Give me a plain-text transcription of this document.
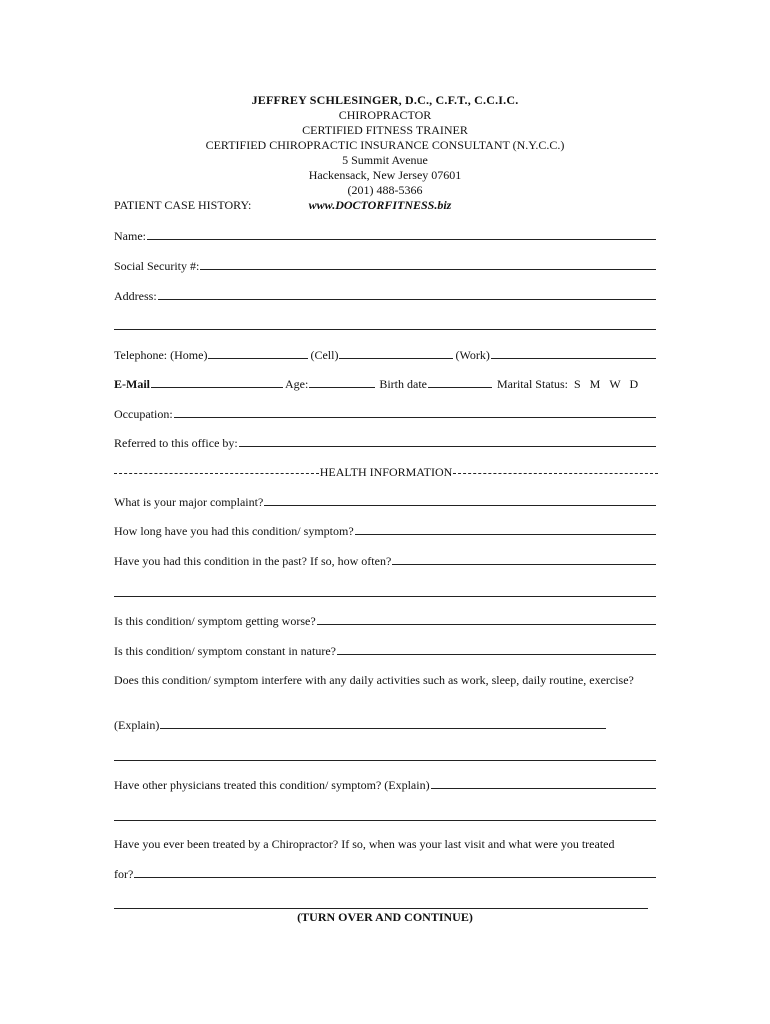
JEFFREY SCHLESINGER, D.C., C.F.T., C.C.I.C.
CHIROPRACTOR
CERTIFIED FITNESS TRAINER
CERTIFIED CHIROPRACTIC INSURANCE CONSULTANT (N.Y.C.C.)
5 Summit Avenue
Hackensack, New Jersey 07601
(201) 488-5366
PATIENT CASE HISTORY:	www.DOCTORFITNESS.biz
Name:
Social Security #:
Address:
Telephone: (Home)	(Cell)	(Work)
E-Mail	Age:	Birth date	Marital Status: S M W D
Occupation:
Referred to this office by:
HEALTH INFORMATION
What is your major complaint?
How long have you had this condition/ symptom?
Have you had this condition in the past? If so, how often?
Is this condition/ symptom getting worse?
Is this condition/ symptom constant in nature?
Does this condition/ symptom interfere with any daily activities such as work, sleep, daily routine, exercise?
(Explain)
Have other physicians treated this condition/ symptom? (Explain)
Have you ever been treated by a Chiropractor? If so, when was your last visit and what were you treated
for?
(TURN OVER AND CONTINUE)
